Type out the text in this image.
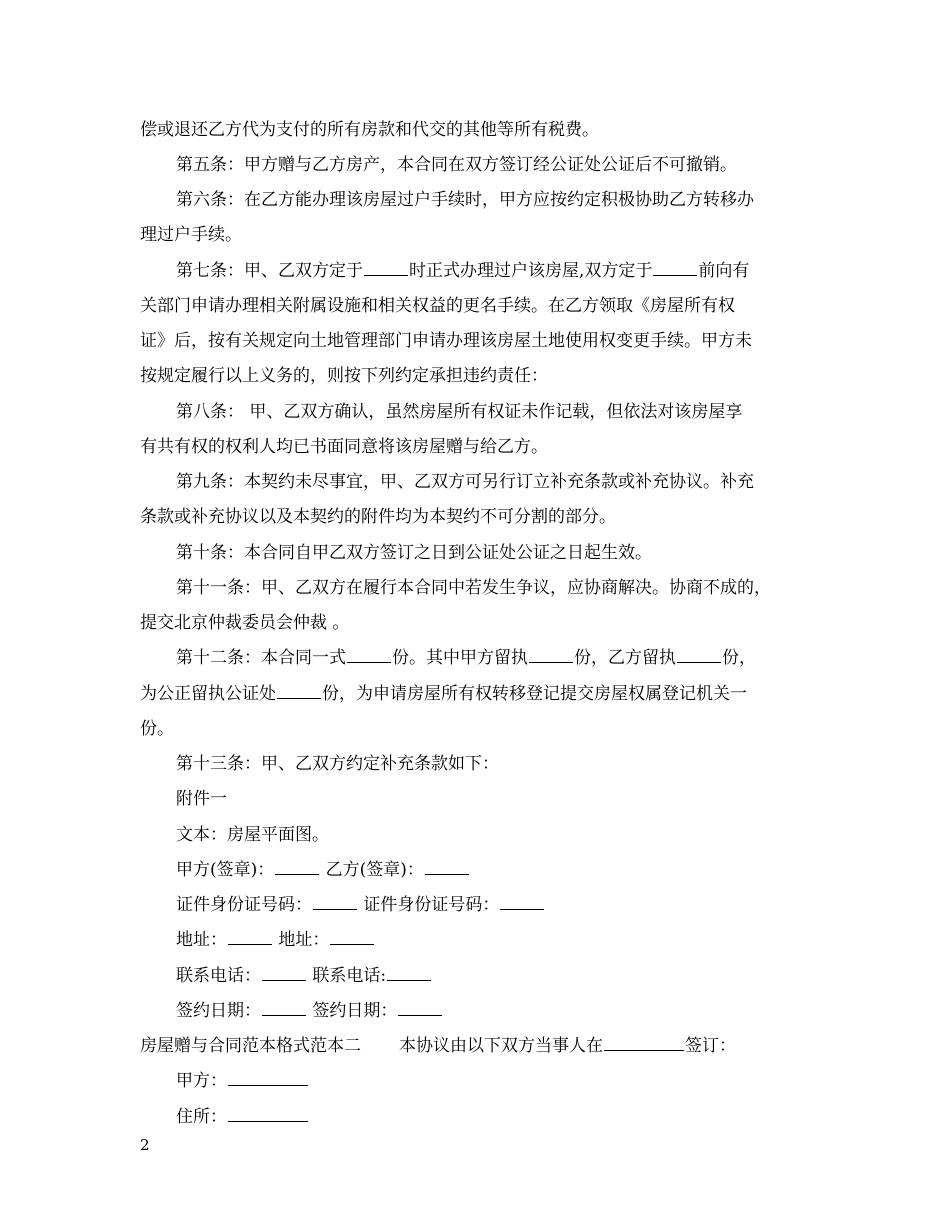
偿或退还乙方代为支付的所有房款和代交的其他等所有税费。
第五条：甲方赠与乙方房产，本合同在双方签订经公证处公证后不可撤销。
第六条：在乙方能办理该房屋过户手续时，甲方应按约定积极协助乙方转移办
理过户手续。
第七条：甲、乙双方定于	时正式办理过户该房屋,双方定于	前向有
关部门申请办理相关附属设施和相关权益的更名手续。在乙方领取《房屋所有权
证》后，按有关规定向土地管理部门申请办理该房屋土地使用权变更手续。甲方未
按规定履行以上义务的，则按下列约定承担违约责任：
第八条： 甲、乙双方确认，虽然房屋所有权证未作记载，但依法对该房屋享
有共有权的权利人均已书面同意将该房屋赠与给乙方。
第九条：本契约未尽事宜，甲、乙双方可另行订立补充条款或补充协议。补充
条款或补充协议以及本契约的附件均为本契约不可分割的部分。
第十条：本合同自甲乙双方签订之日到公证处公证之日起生效。
第十一条：甲、乙双方在履行本合同中若发生争议，应协商解决。协商不成的，
提交北京仲裁委员会仲裁 。
第十二条：本合同一式	份。其中甲方留执	份，乙方留执	份，
为公正留执公证处	份，为申请房屋所有权转移登记提交房屋权属登记机关一
份。
第十三条：甲、乙双方约定补充条款如下：
附件一
文本：房屋平面图。
甲方(签章)：	乙方(签章)：
证件身份证号码：	证件身份证号码：
地址：	地址：
联系电话：	联系电话:
签约日期：	签约日期：
房屋赠与合同范本格式范本二 本协议由以下双方当事人在	签订：
甲方：
住所：
2
